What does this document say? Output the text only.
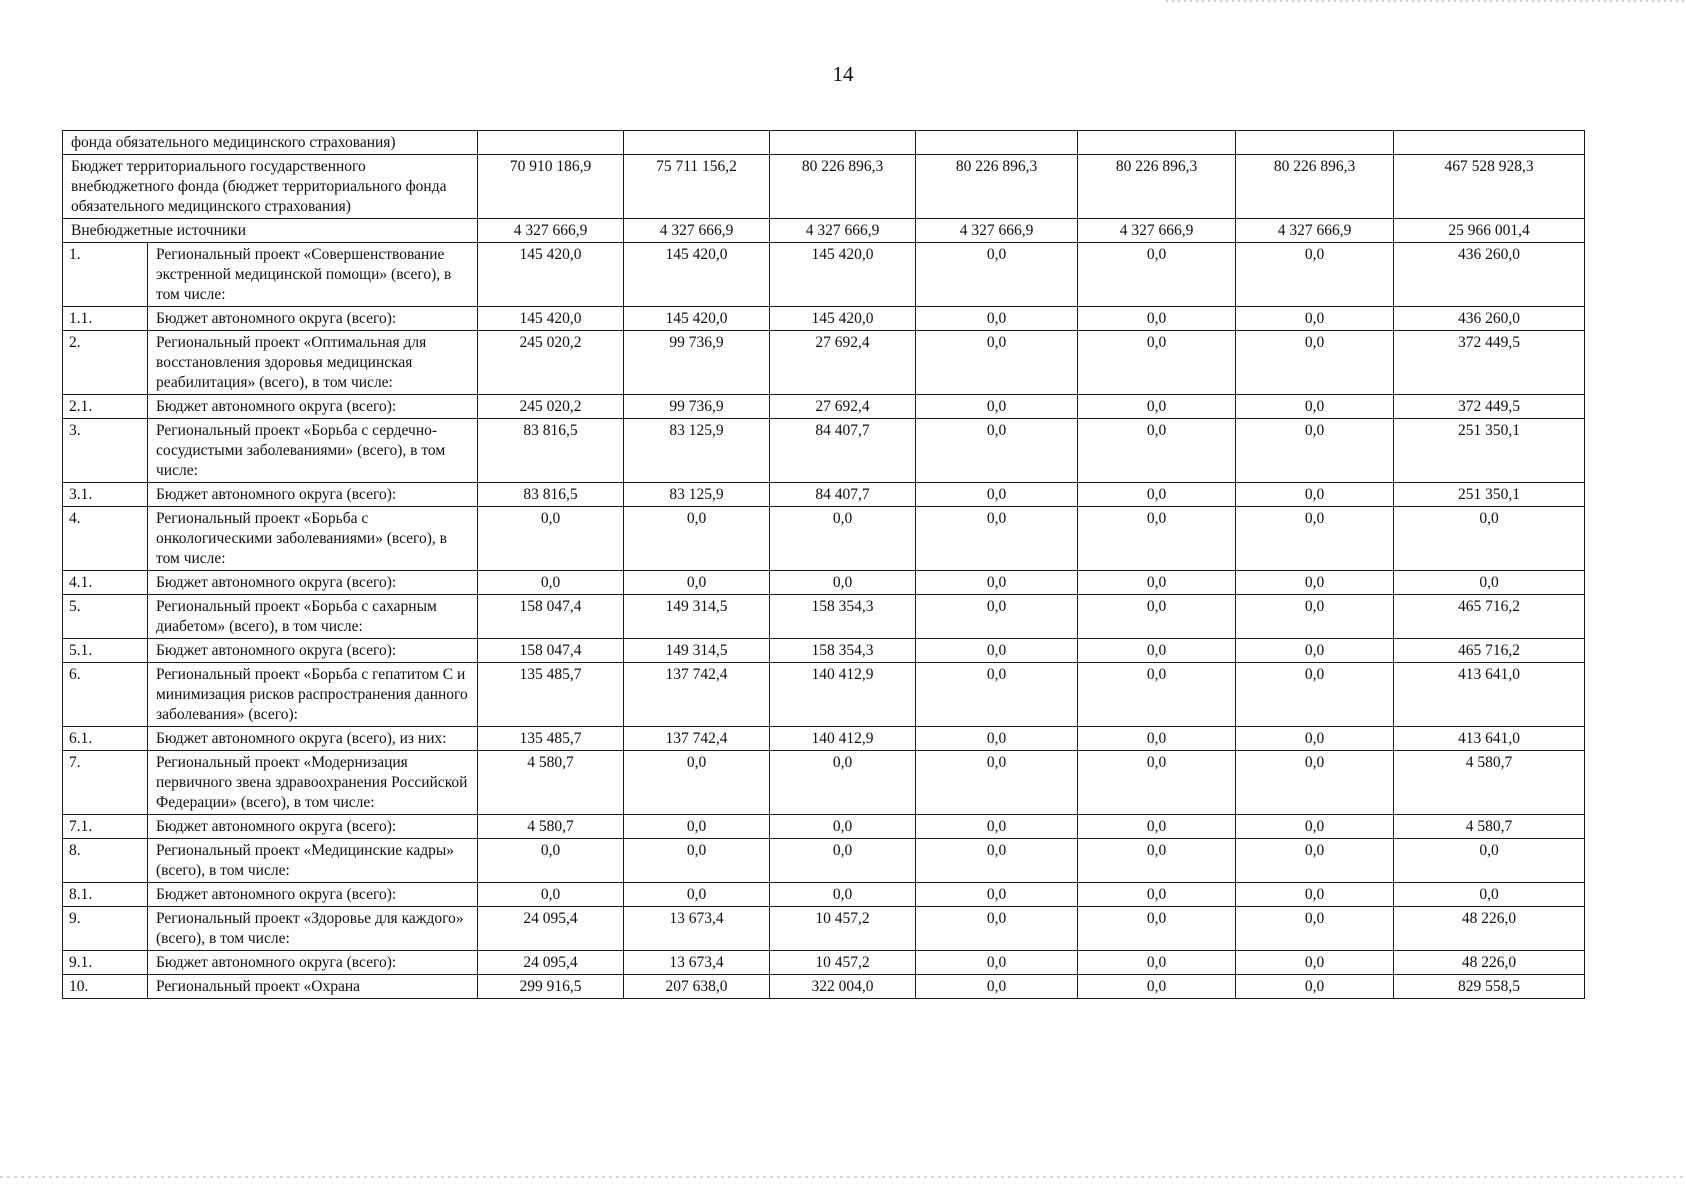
14
фонда обязательного медицинского страхования)								
Бюджет территориального государственного внебюджетного фонда (бюджет территориального фонда обязательного медицинского страхования)		70 910 186,9	75 711 156,2	80 226 896,3	80 226 896,3	80 226 896,3	80 226 896,3	467 528 928,3
Внебюджетные источники		4 327 666,9	4 327 666,9	4 327 666,9	4 327 666,9	4 327 666,9	4 327 666,9	25 966 001,4
1.	Региональный проект «Совершенствование экстренной медицинской помощи» (всего), в том числе:	145 420,0	145 420,0	145 420,0	0,0	0,0	0,0	436 260,0
1.1.	Бюджет автономного округа (всего):	145 420,0	145 420,0	145 420,0	0,0	0,0	0,0	436 260,0
2.	Региональный проект «Оптимальная для восстановления здоровья медицинская реабилитация» (всего), в том числе:	245 020,2	99 736,9	27 692,4	0,0	0,0	0,0	372 449,5
2.1.	Бюджет автономного округа (всего):	245 020,2	99 736,9	27 692,4	0,0	0,0	0,0	372 449,5
3.	Региональный проект «Борьба с сердечно-сосудистыми заболеваниями» (всего), в том числе:	83 816,5	83 125,9	84 407,7	0,0	0,0	0,0	251 350,1
3.1.	Бюджет автономного округа (всего):	83 816,5	83 125,9	84 407,7	0,0	0,0	0,0	251 350,1
4.	Региональный проект «Борьба с онкологическими заболеваниями» (всего), в том числе:	0,0	0,0	0,0	0,0	0,0	0,0	0,0
4.1.	Бюджет автономного округа (всего):	0,0	0,0	0,0	0,0	0,0	0,0	0,0
5.	Региональный проект «Борьба с сахарным диабетом» (всего), в том числе:	158 047,4	149 314,5	158 354,3	0,0	0,0	0,0	465 716,2
5.1.	Бюджет автономного округа (всего):	158 047,4	149 314,5	158 354,3	0,0	0,0	0,0	465 716,2
6.	Региональный проект «Борьба с гепатитом С и минимизация рисков распространения данного заболевания» (всего):	135 485,7	137 742,4	140 412,9	0,0	0,0	0,0	413 641,0
6.1.	Бюджет автономного округа (всего), из них:	135 485,7	137 742,4	140 412,9	0,0	0,0	0,0	413 641,0
7.	Региональный проект «Модернизация первичного звена здравоохранения Российской Федерации» (всего), в том числе:	4 580,7	0,0	0,0	0,0	0,0	0,0	4 580,7
7.1.	Бюджет автономного округа (всего):	4 580,7	0,0	0,0	0,0	0,0	0,0	4 580,7
8.	Региональный проект «Медицинские кадры» (всего), в том числе:	0,0	0,0	0,0	0,0	0,0	0,0	0,0
8.1.	Бюджет автономного округа (всего):	0,0	0,0	0,0	0,0	0,0	0,0	0,0
9.	Региональный проект «Здоровье для каждого» (всего), в том числе:	24 095,4	13 673,4	10 457,2	0,0	0,0	0,0	48 226,0
9.1.	Бюджет автономного округа (всего):	24 095,4	13 673,4	10 457,2	0,0	0,0	0,0	48 226,0
10.	Региональный проект «Охрана	299 916,5	207 638,0	322 004,0	0,0	0,0	0,0	829 558,5
